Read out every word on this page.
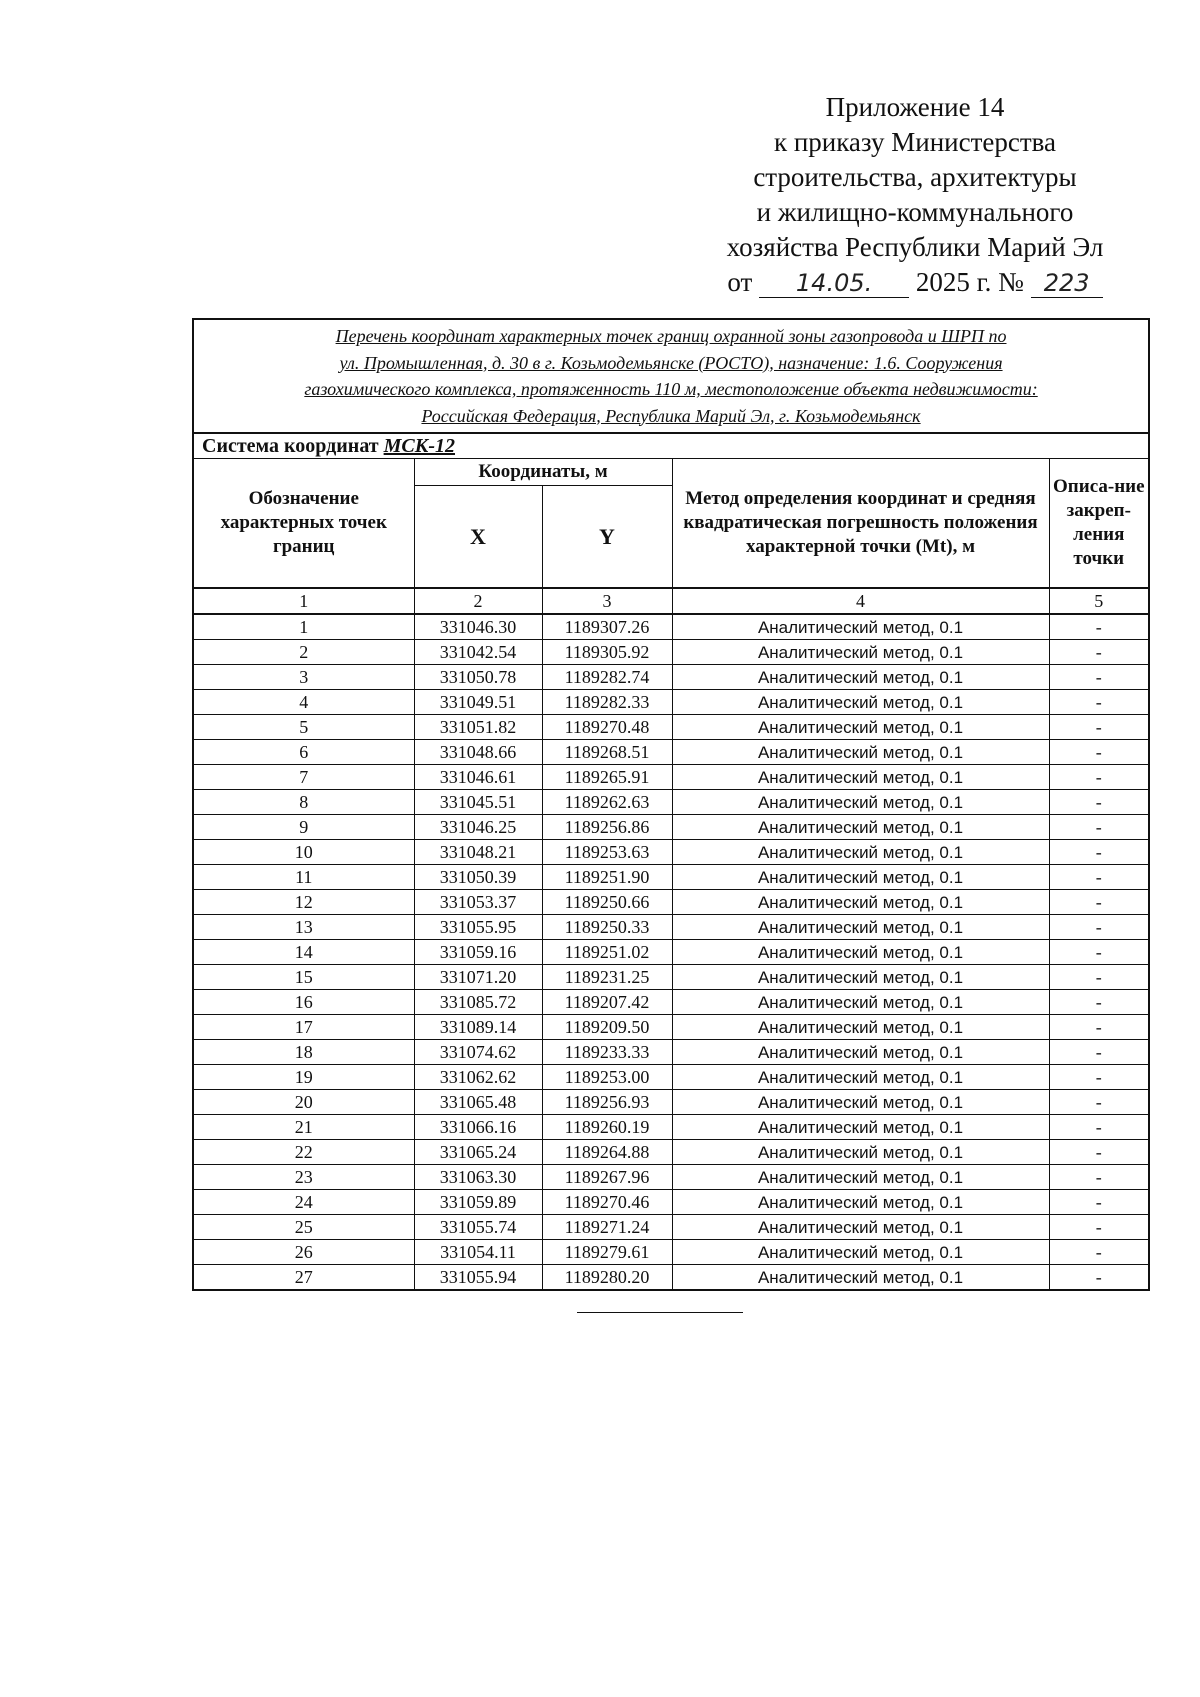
Приложение 14
к приказу Министерства
строительства, архитектуры
и жилищно-коммунального
хозяйства Республики Марий Эл
от 14.05. 2025 г. № 223
Перечень координат характерных точек границ охранной зоны газопровода и ШРП по
ул. Промышленная, д. 30 в г. Козьмодемьянске (РОСТО), назначение: 1.6. Сооружения
газохимического комплекса, протяженность 110 м, местоположение объекта недвижимости:
Российская Федерация, Республика Марий Эл, г. Козьмодемьянск				

Система координат МСК-12				
Обозначение характерных точек границ	Координаты, м		Метод определения координат и средняя квадратическая погрешность положения характерной точки (Mt), м	Описа-ние закреп-ления точки
	X	Y		
1	2	3	4	5
1	331046.30	1189307.26	Аналитический метод, 0.1	-
2	331042.54	1189305.92	Аналитический метод, 0.1	-
3	331050.78	1189282.74	Аналитический метод, 0.1	-
4	331049.51	1189282.33	Аналитический метод, 0.1	-
5	331051.82	1189270.48	Аналитический метод, 0.1	-
6	331048.66	1189268.51	Аналитический метод, 0.1	-
7	331046.61	1189265.91	Аналитический метод, 0.1	-
8	331045.51	1189262.63	Аналитический метод, 0.1	-
9	331046.25	1189256.86	Аналитический метод, 0.1	-
10	331048.21	1189253.63	Аналитический метод, 0.1	-
11	331050.39	1189251.90	Аналитический метод, 0.1	-
12	331053.37	1189250.66	Аналитический метод, 0.1	-
13	331055.95	1189250.33	Аналитический метод, 0.1	-
14	331059.16	1189251.02	Аналитический метод, 0.1	-
15	331071.20	1189231.25	Аналитический метод, 0.1	-
16	331085.72	1189207.42	Аналитический метод, 0.1	-
17	331089.14	1189209.50	Аналитический метод, 0.1	-
18	331074.62	1189233.33	Аналитический метод, 0.1	-
19	331062.62	1189253.00	Аналитический метод, 0.1	-
20	331065.48	1189256.93	Аналитический метод, 0.1	-
21	331066.16	1189260.19	Аналитический метод, 0.1	-
22	331065.24	1189264.88	Аналитический метод, 0.1	-
23	331063.30	1189267.96	Аналитический метод, 0.1	-
24	331059.89	1189270.46	Аналитический метод, 0.1	-
25	331055.74	1189271.24	Аналитический метод, 0.1	-
26	331054.11	1189279.61	Аналитический метод, 0.1	-
27	331055.94	1189280.20	Аналитический метод, 0.1	-
